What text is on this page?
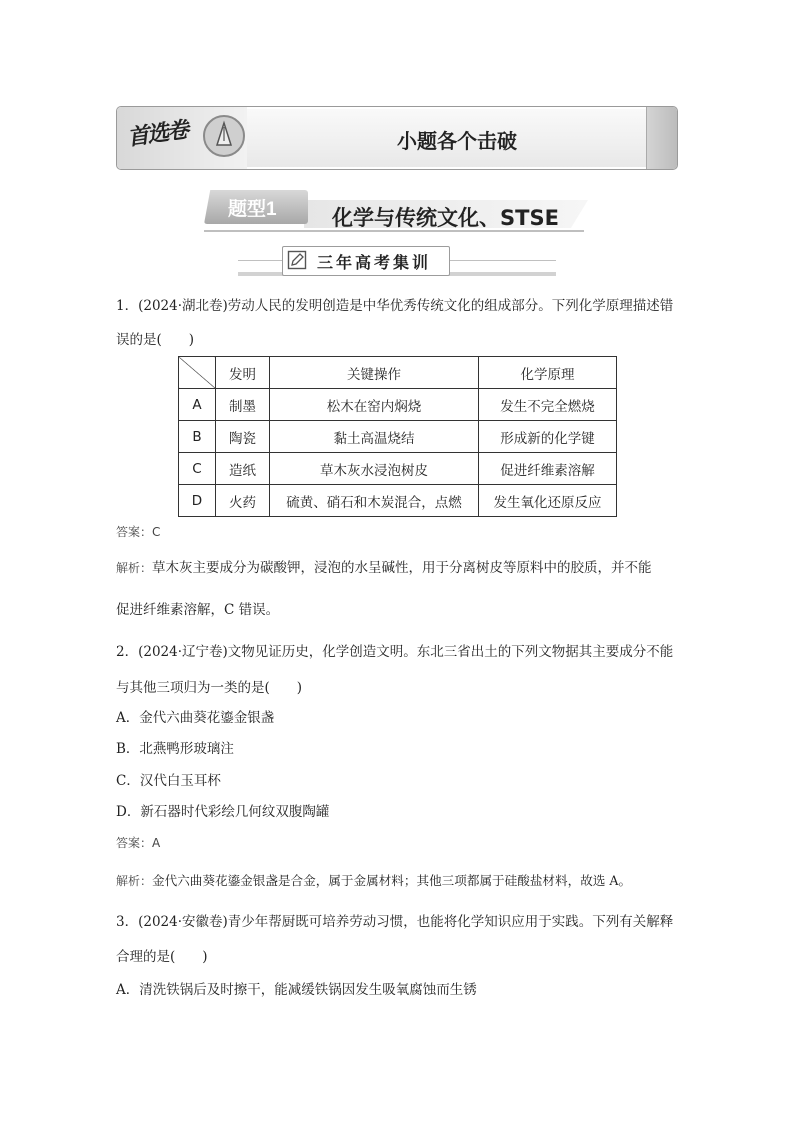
首选卷	小题各个击破
题型1	化学与传统文化、STSE
三年高考集训
1．(2024·湖北卷)劳动人民的发明创造是中华优秀传统文化的组成部分。下列化学原理描述错
误的是(　　)
	发明	关键操作	化学原理
A	制墨	松木在窑内焖烧	发生不完全燃烧
B	陶瓷	黏土高温烧结	形成新的化学键
C	造纸	草木灰水浸泡树皮	促进纤维素溶解
D	火药	硫黄、硝石和木炭混合，点燃	发生氧化还原反应
答案：C
解析：草木灰主要成分为碳酸钾，浸泡的水呈碱性，用于分离树皮等原料中的胶质，并不能
促进纤维素溶解，C 错误。
2．(2024·辽宁卷)文物见证历史，化学创造文明。东北三省出土的下列文物据其主要成分不能
与其他三项归为一类的是(　　)
A．金代六曲葵花鎏金银盏
B．北燕鸭形玻璃注
C．汉代白玉耳杯
D．新石器时代彩绘几何纹双腹陶罐
答案：A
解析：金代六曲葵花鎏金银盏是合金，属于金属材料；其他三项都属于硅酸盐材料，故选 A。
3．(2024·安徽卷)青少年帮厨既可培养劳动习惯，也能将化学知识应用于实践。下列有关解释
合理的是(　　)
A．清洗铁锅后及时擦干，能减缓铁锅因发生吸氧腐蚀而生锈
